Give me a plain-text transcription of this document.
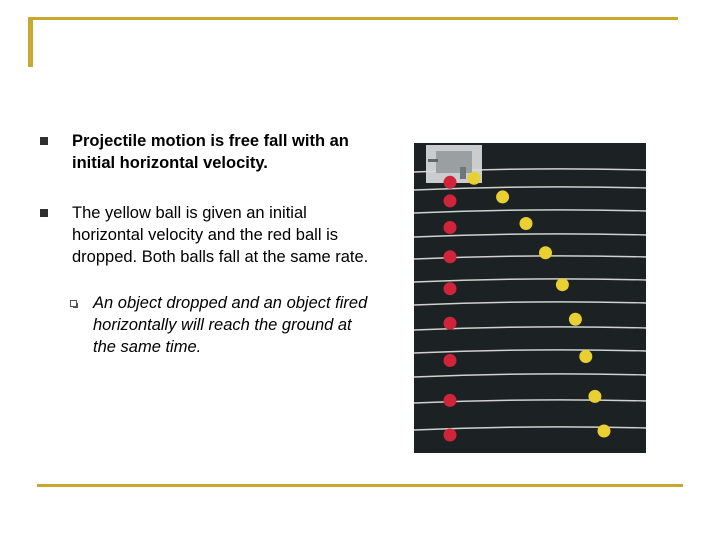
Projectile motion is free fall with an initial horizontal velocity.
The yellow ball is given an initial horizontal velocity and the red ball is dropped. Both balls fall at the same rate.
An object dropped and an object fired horizontally will reach the ground at the same time.
